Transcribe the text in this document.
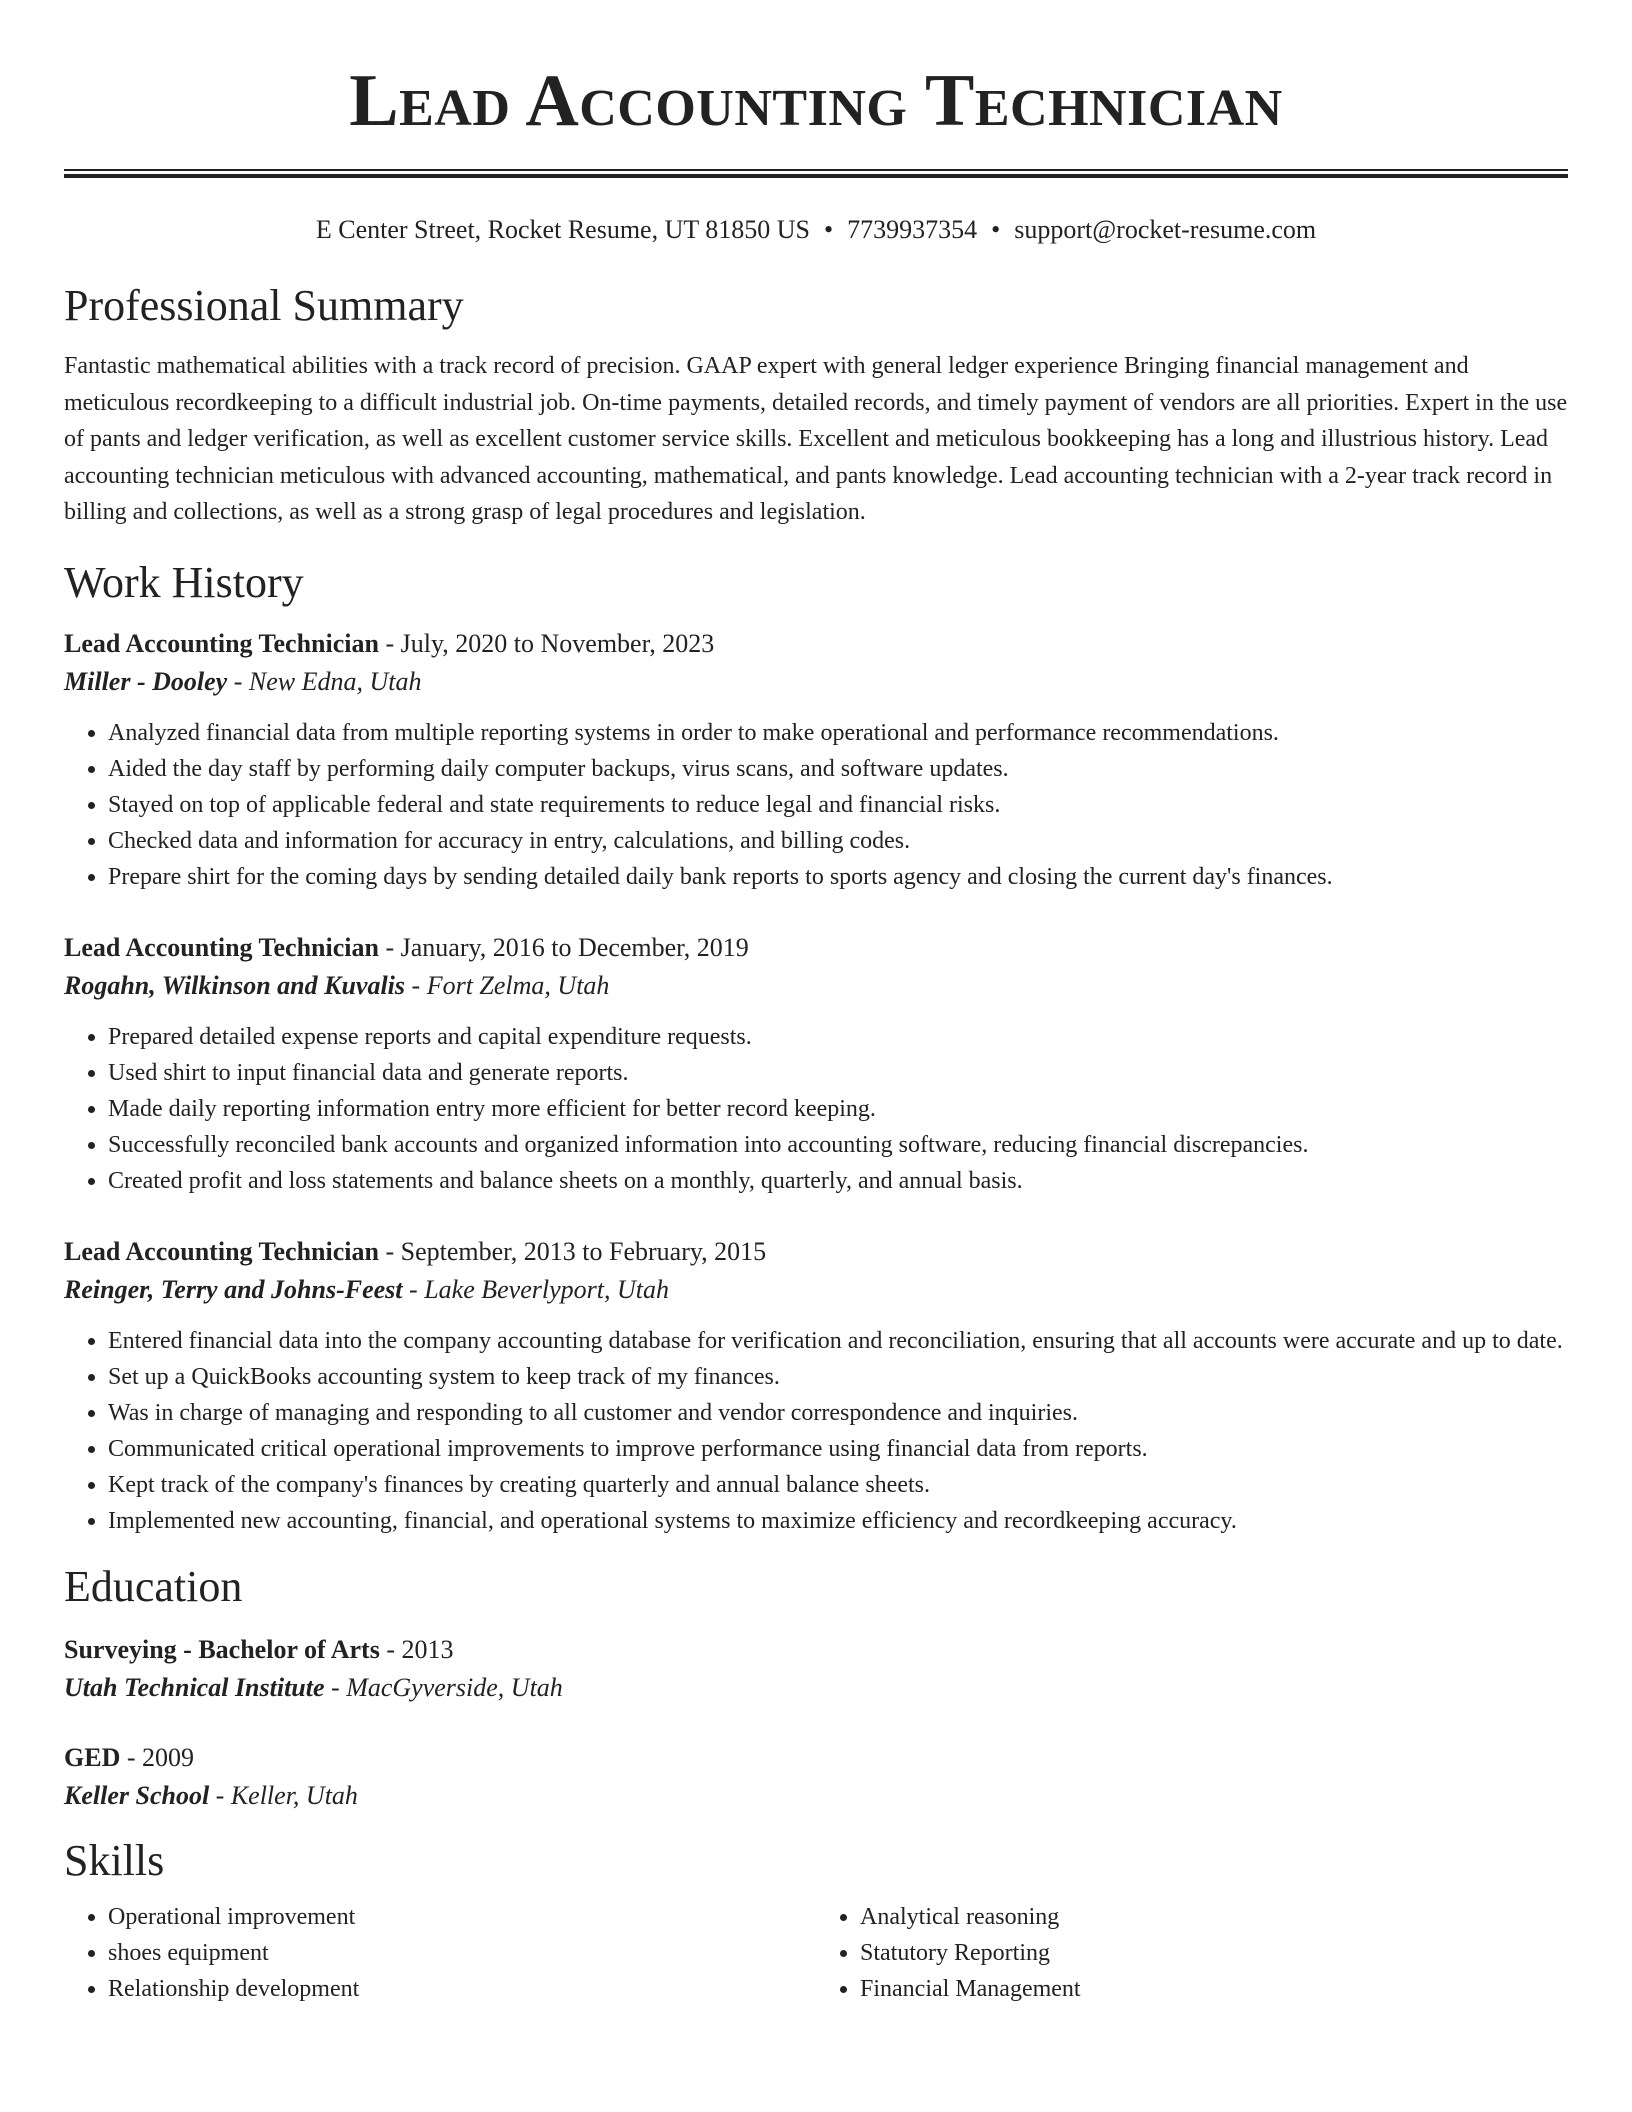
Lead Accounting Technician
E Center Street, Rocket Resume, UT 81850 US • 7739937354 • support@rocket-resume.com
Professional Summary

Fantastic mathematical abilities with a track record of precision. GAAP expert with general ledger experience Bringing financial management and meticulous recordkeeping to a difficult industrial job. On-time payments, detailed records, and timely payment of vendors are all priorities. Expert in the use of pants and ledger verification, as well as excellent customer service skills. Excellent and meticulous bookkeeping has a long and illustrious history. Lead accounting technician meticulous with advanced accounting, mathematical, and pants knowledge. Lead accounting technician with a 2-year track record in billing and collections, as well as a strong grasp of legal procedures and legislation.

Work History
Lead Accounting Technician - July, 2020 to November, 2023
Miller - Dooley - New Edna, Utah
• Analyzed financial data from multiple reporting systems in order to make operational and performance recommendations.
• Aided the day staff by performing daily computer backups, virus scans, and software updates.
• Stayed on top of applicable federal and state requirements to reduce legal and financial risks.
• Checked data and information for accuracy in entry, calculations, and billing codes.
• Prepare shirt for the coming days by sending detailed daily bank reports to sports agency and closing the current day's finances.
Lead Accounting Technician - January, 2016 to December, 2019
Rogahn, Wilkinson and Kuvalis - Fort Zelma, Utah
• Prepared detailed expense reports and capital expenditure requests.
• Used shirt to input financial data and generate reports.
• Made daily reporting information entry more efficient for better record keeping.
• Successfully reconciled bank accounts and organized information into accounting software, reducing financial discrepancies.
• Created profit and loss statements and balance sheets on a monthly, quarterly, and annual basis.
Lead Accounting Technician - September, 2013 to February, 2015
Reinger, Terry and Johns-Feest - Lake Beverlyport, Utah
• Entered financial data into the company accounting database for verification and reconciliation, ensuring that all accounts were accurate and up to date.
• Set up a QuickBooks accounting system to keep track of my finances.
• Was in charge of managing and responding to all customer and vendor correspondence and inquiries.
• Communicated critical operational improvements to improve performance using financial data from reports.
• Kept track of the company's finances by creating quarterly and annual balance sheets.
• Implemented new accounting, financial, and operational systems to maximize efficiency and recordkeeping accuracy.
Education
Surveying - Bachelor of Arts - 2013
Utah Technical Institute - MacGyverside, Utah
GED - 2009
Keller School - Keller, Utah
Skills
• Operational improvement
• shoes equipment
• Relationship development
• Analytical reasoning
• Statutory Reporting
• Financial Management
